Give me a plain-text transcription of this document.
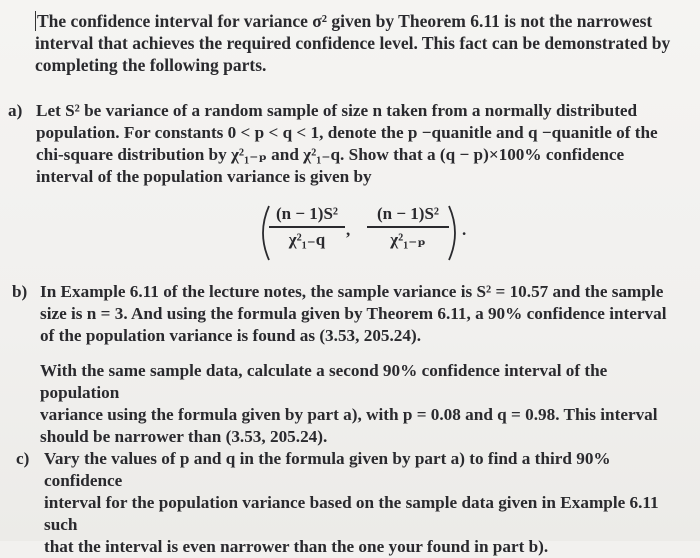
The confidence interval for variance σ² given by Theorem 6.11 is not the narrowest
interval that achieves the required confidence level. This fact can be demonstrated by
completing the following parts.
a) Let S² be variance of a random sample of size n taken from a normally distributed
population. For constants 0 < p < q < 1, denote the p −quanitle and q −quanitle of the
chi-square distribution by χ²₁₋ₚ and χ²₁₋q. Show that a (q − p)×100% confidence
interval of the population variance is given by
(n − 1)S²
χ²₁₋q	,
(n − 1)S²
χ²₁₋ₚ	.
b) In Example 6.11 of the lecture notes, the sample variance is S² = 10.57 and the sample
size is n = 3. And using the formula given by Theorem 6.11, a 90% confidence interval
of the population variance is found as (3.53, 205.24).
With the same sample data, calculate a second 90% confidence interval of the population
variance using the formula given by part a), with p = 0.08 and q = 0.98. This interval
should be narrower than (3.53, 205.24).
c) Vary the values of p and q in the formula given by part a) to find a third 90% confidence
interval for the population variance based on the sample data given in Example 6.11 such
that the interval is even narrower than the one your found in part b).
